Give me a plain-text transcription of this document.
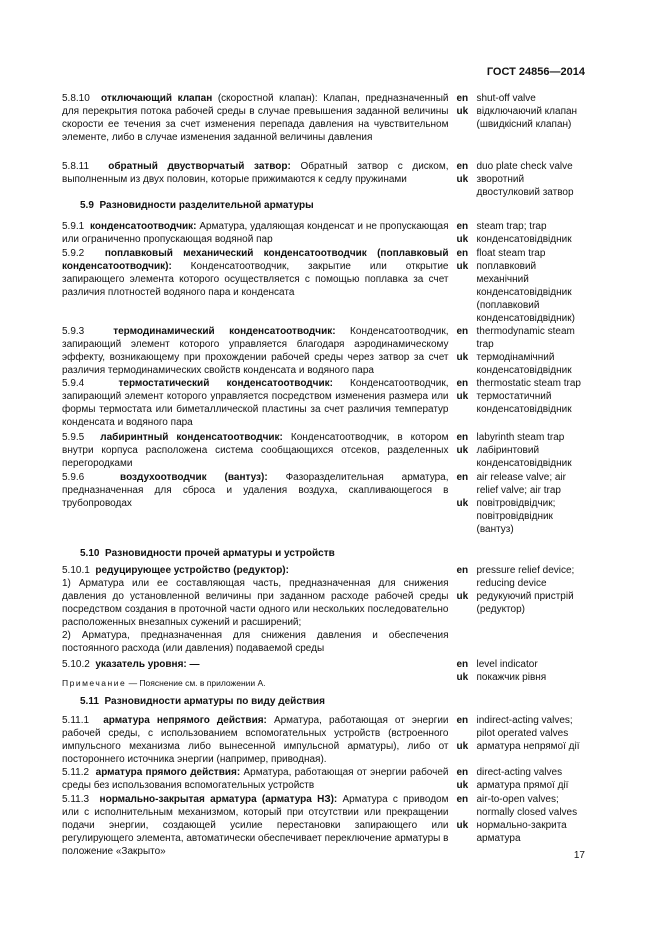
ГОСТ 24856—2014
5.8.10 отключающий клапан (скоростной клапан): Клапан, предназначенный для перекрытия потока рабочей среды в случае превышения заданной величины скорости ее течения за счет изменения перепада давления на чувствительном элементе, либо в случае изменения заданной величины давления
en shut-off valve
uk відключаючий клапан (швидкісний клапан)
5.8.11 обратный двустворчатый затвор: Обратный затвор с диском, выполненным из двух половин, которые прижимаются к седлу пружинами
en duo plate check valve
uk зворотний двостулковий затвор
5.9 Разновидности разделительной арматуры
5.9.1 конденсатоотводчик: Арматура, удаляющая конденсат и не пропускающая или ограниченно пропускающая водяной пар
en steam trap; trap
uk конденсатовідвідник
5.9.2 поплавковый механический конденсатоотводчик (поплавковый конденсатоотводчик): Конденсатоотводчик, закрытие или открытие запирающего элемента которого осуществляется с помощью поплавка за счет различия плотностей водяного пара и конденсата
en float steam trap
uk поплавковий механічний конденсатовідвідник (поплавковий конденсатовідвідник)
5.9.3	термодинамический конденсатоотводчик: Конденсатоотводчик, запирающий элемент которого управляется благодаря аэродинамическому эффекту, возникающему при прохождении рабочей среды через затвор за счет различия термодинамических свойств конденсата и водяного пара
en thermodynamic steam trap
uk термодінамічний конденсатовідвідник
5.9.4	термостатический конденсатоотводчик: Конденсатоотводчик, запирающий элемент которого управляется посредством изменения размера или формы термостата или биметаллической пластины за счет различия температур конденсата и водяного пара
en thermostatic steam trap
uk термостатичний конденсатовідвідник
5.9.5 лабиринтный конденсатоотводчик: Конденсатоотводчик, в котором внутри корпуса расположена система сообщающихся отсеков, разделенных перегородками
en labyrinth steam trap
uk лабіринтовий конденсатовідвідник
5.9.6	воздухоотводчик (вантуз): Фазоразделительная арматура, предназначенная для сброса и удаления воздуха, скапливающегося в трубопроводах
en air release valve; air relief valve; air trap
uk повітровідвідчик; повітровідвідник (вантуз)
5.10 Разновидности прочей арматуры и устройств

5.10.1 редуцирующее устройство (редуктор):

1) Арматура или ее составляющая часть, предназначенная для снижения давления до установленной величины при заданном расходе рабочей среды посредством создания в проточной части одного или нескольких последовательно расположенных внезапных сужений и расширений;

2) Арматура, предназначенная для снижения давления и обеспечения постоянного расхода (или давления) подаваемой среды

en pressure relief device; reducing device
uk редукуючий пристрій (редуктор)

5.10.2 указатель уровня: —

Примечание — Пояснение см. в приложении А.

en level indicator
uk покажчик рівня
5.11 Разновидности арматуры по виду действия
5.11.1 арматура непрямого действия: Арматура, работающая от энергии рабочей среды, с использованием вспомогательных устройств (встроенного импульсного механизма либо вынесенной импульсной арматуры), либо от постороннего источника энергии (например, приводная).
en indirect-acting valves; pilot operated valves
uk арматура непрямої дії
5.11.2 арматура прямого действия: Арматура, работающая от энергии рабочей среды без использования вспомогательных устройств
en direct-acting valves
uk арматура прямої дії
5.11.3 нормально-закрытая арматура (арматура НЗ): Арматура с приводом или с исполнительным механизмом, который при отсутствии или прекращении подачи энергии, создающей усилие перестановки запирающего или регулирующего элемента, автоматически обеспечивает переключение арматуры в положение «Закрыто»
en air-to-open valves; normally closed valves
uk нормально-закрита арматура
17
